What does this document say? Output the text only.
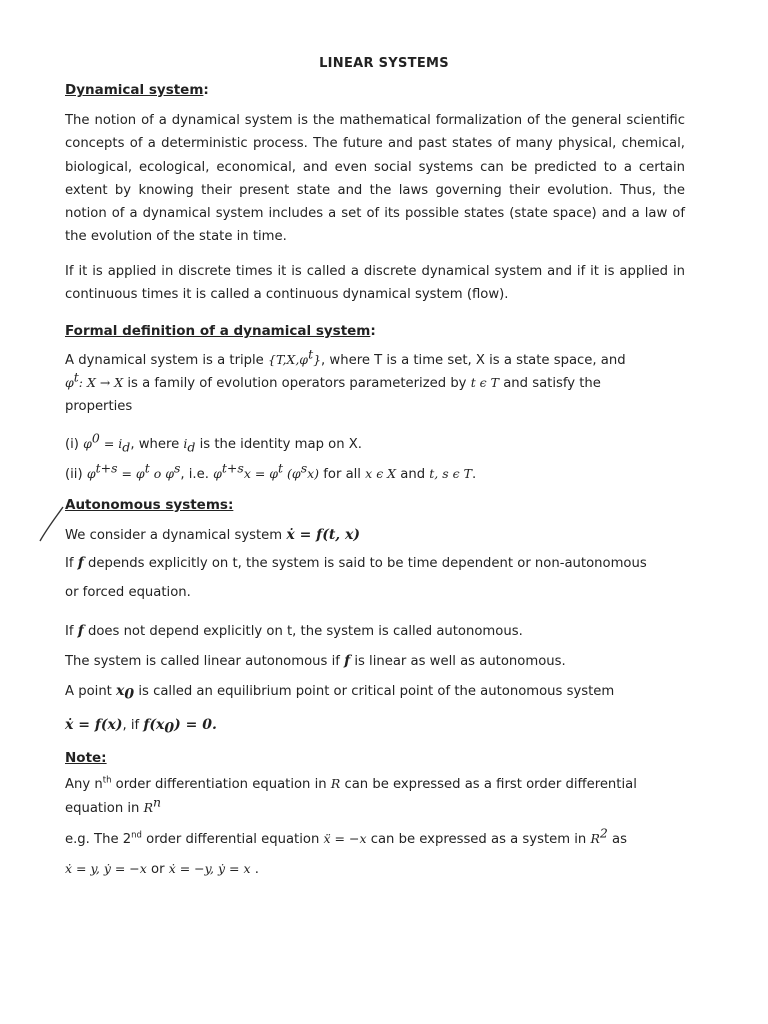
LINEAR SYSTEMS
Dynamical system:
The notion of a dynamical system is the mathematical formalization of the general scientific concepts of a deterministic process. The future and past states of many physical, chemical, biological, ecological, economical, and even social systems can be predicted to a certain extent by knowing their present state and the laws governing their evolution. Thus, the notion of a dynamical system includes a set of its possible states (state space) and a law of the evolution of the state in time.
If it is applied in discrete times it is called a discrete dynamical system and if it is applied in continuous times it is called a continuous dynamical system (flow).
Formal definition of a dynamical system:
A dynamical system is a triple $\{T,X,\varphi^t\}$, where T is a time set, X is a state space, and
$\varphi^t$: X → X is a family of evolution operators parameterized by t ϵ T and satisfy the
properties
(i) $\varphi^0 = i_d$, where $i_d$ is the identity map on X.
(ii) $\varphi^{t+s} = \varphi^t$ o $\varphi^s$, i.e. $\varphi^{t+s}x = \varphi^t$ $(\varphi^sx)$ for all x ϵ X and t, s ϵ T.
Autonomous systems:
We consider a dynamical system ẋ = f(t, x)
If f depends explicitly on t, the system is said to be time dependent or non-autonomous
or forced equation.
If f does not depend explicitly on t, the system is called autonomous.
The system is called linear autonomous if f is linear as well as autonomous.
A point $x_0$ is called an equilibrium point or critical point of the autonomous system
ẋ = f(x), if $f(x_0) = 0$.
Note:
Any $n^{th}$ order differentiation equation in R can be expressed as a first order differential
equation in $R^n$
e.g. The 2nd order differential equation ẍ = −x can be expressed as a system in $R^2$ as
ẋ = y, ẏ = −x or ẋ = −y, ẏ = x .
